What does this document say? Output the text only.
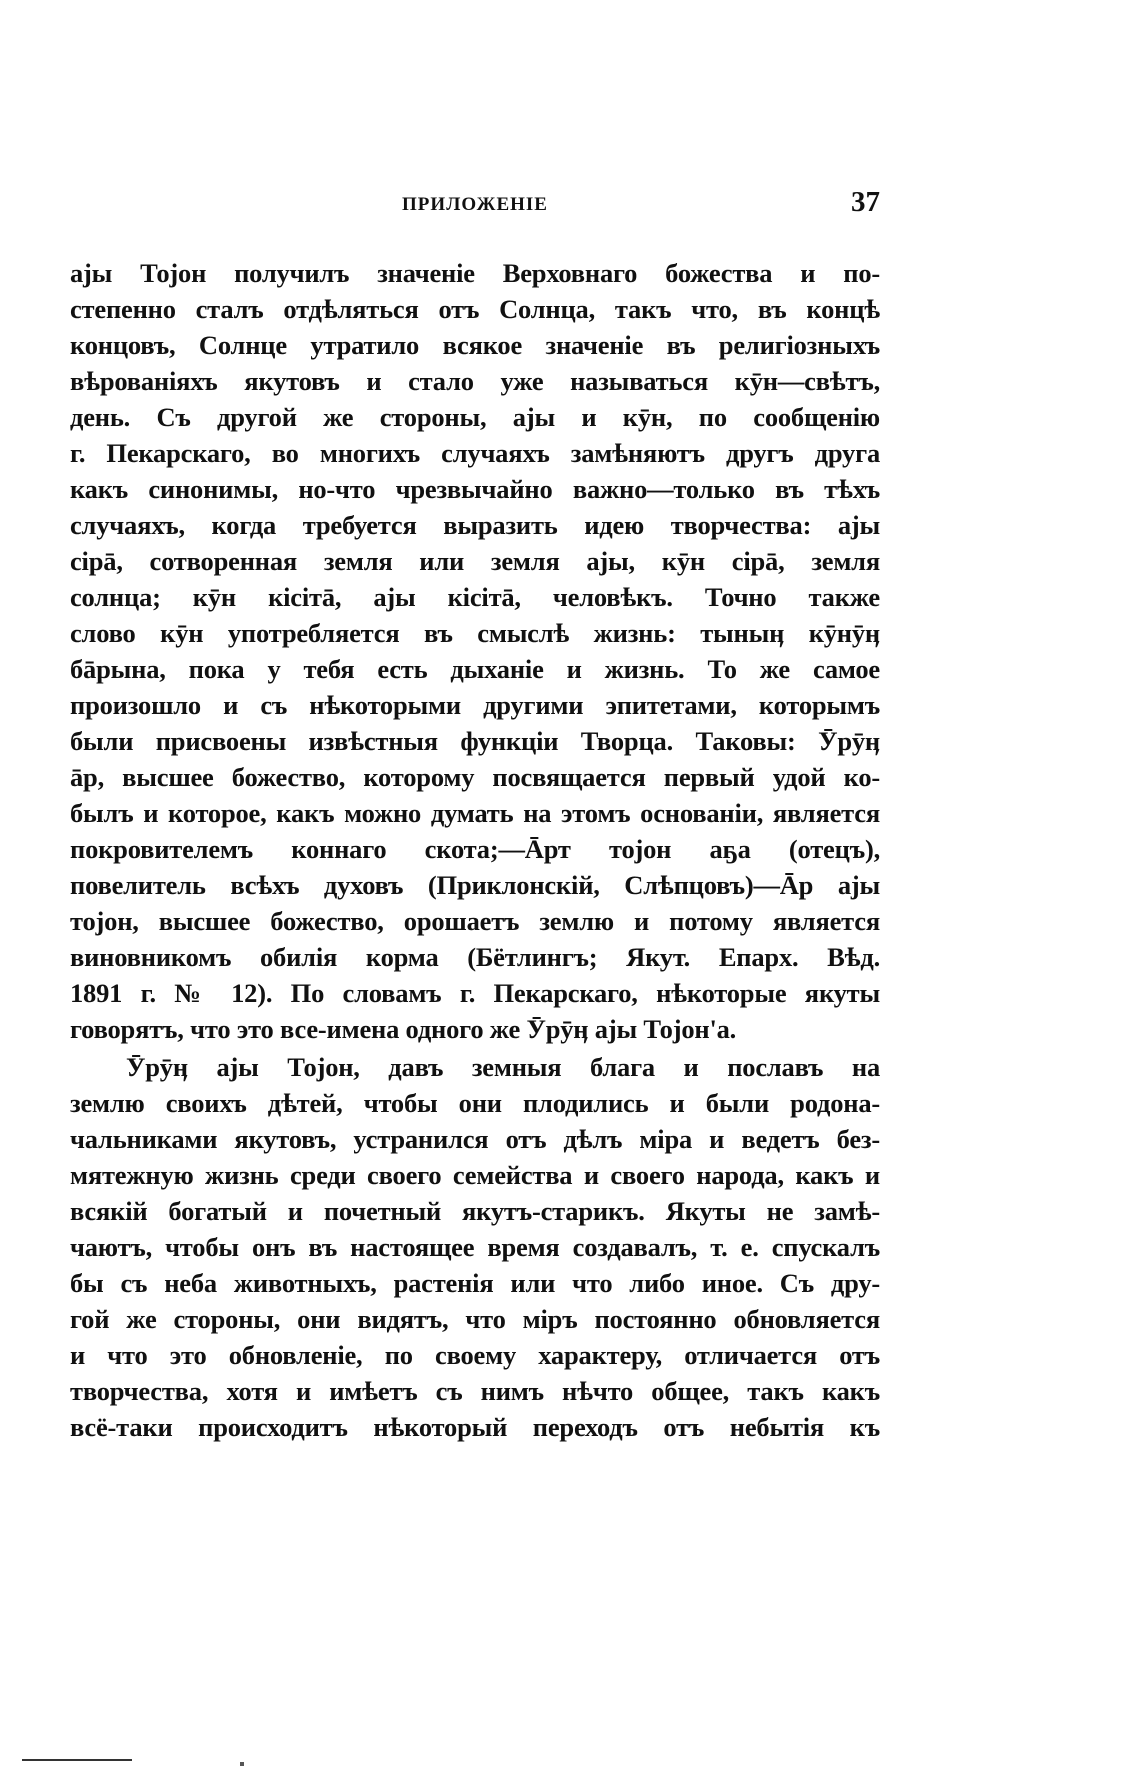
ПРИЛОЖЕНІЕ	37
аjы Тоjон получилъ значеніе Верховнаго божества и по-
степенно сталъ отдѣляться отъ Солнца, такъ что, въ концѣ
концовъ, Солнце утратило всякое значеніе въ религіозныхъ
вѣрованіяхъ якутовъ и стало уже называться кӯн—свѣтъ,
день. Съ другой же стороны, аjы и кӯн, по сообщенію
г. Пекарскаго, во многихъ случаяхъ замѣняютъ другъ друга
какъ синонимы, но-что чрезвычайно важно—только въ тѣхъ
случаяхъ, когда требуется выразить идею творчества: аjы
сірā, сотворенная земля или земля аjы, кӯн сірā, земля
солнца; кӯн кісітā, аjы кісітā, человѣкъ. Точно также
слово кӯн употребляется въ смыслѣ жизнь: тыныӊ кӯнӯӊ
бāрына, пока у тебя есть дыханіе и жизнь. То же самое
произошло и съ нѣкоторыми другими эпитетами, которымъ
были присвоены извѣстныя функціи Творца. Таковы: Ӯрӯӊ
āр, высшее божество, которому посвящается первый удой ко-
былъ и которое, какъ можно думать на этомъ основаніи, является
покровителемъ коннаго скота;—Āрт тоjон аҕа (отецъ),
повелитель всѣхъ духовъ (Приклонскій, Слѣпцовъ)—Āр аjы
тоjон, высшее божество, орошаетъ землю и потому является
виновникомъ обилія корма (Бётлингъ; Якут. Епарх. Вѣд.
1891 г. № 12). По словамъ г. Пекарскаго, нѣкоторые якуты
говорятъ, что это все-имена одного же Ӯрӯӊ аjы Тоjон'а.
Ӯрӯӊ аjы Тоjон, давъ земныя блага и пославъ на
землю своихъ дѣтей, чтобы они плодились и были родона-
чальниками якутовъ, устранился отъ дѣлъ міра и ведетъ без-
мятежную жизнь среди своего семейства и своего народа, какъ и
всякій богатый и почетный якутъ-старикъ. Якуты не замѣ-
чаютъ, чтобы онъ въ настоящее время создавалъ, т. е. спускалъ
бы съ неба животныхъ, растенія или что либо иное. Съ дру-
гой же стороны, они видятъ, что міръ постоянно обновляется
и что это обновленіе, по своему характеру, отличается отъ
творчества, хотя и имѣетъ съ нимъ нѣчто общее, такъ какъ
всё-таки происходитъ нѣкоторый переходъ отъ небытія къ
